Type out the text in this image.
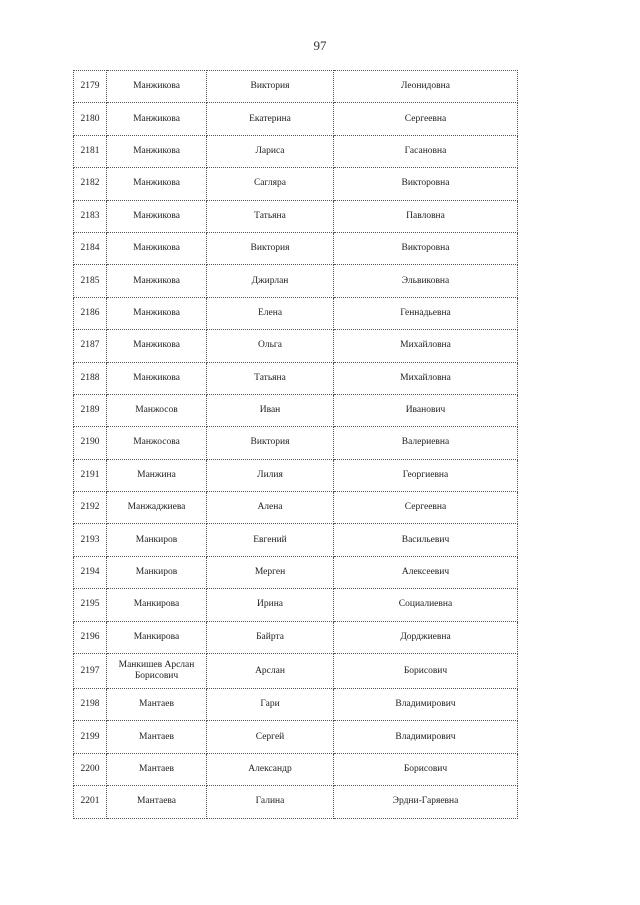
97
2179	Манжикова	Виктория	Леонидовна
2180	Манжикова	Екатерина	Сергеевна
2181	Манжикова	Лариса	Гасановна
2182	Манжикова	Сагляра	Викторовна
2183	Манжикова	Татьяна	Павловна
2184	Манжикова	Виктория	Викторовна
2185	Манжикова	Джирлан	Эльвиковна
2186	Манжикова	Елена	Геннадьевна
2187	Манжикова	Ольга	Михайловна
2188	Манжикова	Татьяна	Михайловна
2189	Манжосов	Иван	Иванович
2190	Манжосова	Виктория	Валериевна
2191	Манжина	Лилия	Георгиевна
2192	Манжаджиева	Алена	Сергеевна
2193	Манкиров	Евгений	Васильевич
2194	Манкиров	Мерген	Алексеевич
2195	Манкирова	Ирина	Социалиевна
2196	Манкирова	Байрта	Дорджиевна
2197	Манкишев Арслан Борисович	Арслан	Борисович
2198	Мантаев	Гари	Владимирович
2199	Мантаев	Сергей	Владимирович
2200	Мантаев	Александр	Борисович
2201	Мантаева	Галина	Эрдни-Гаряевна
